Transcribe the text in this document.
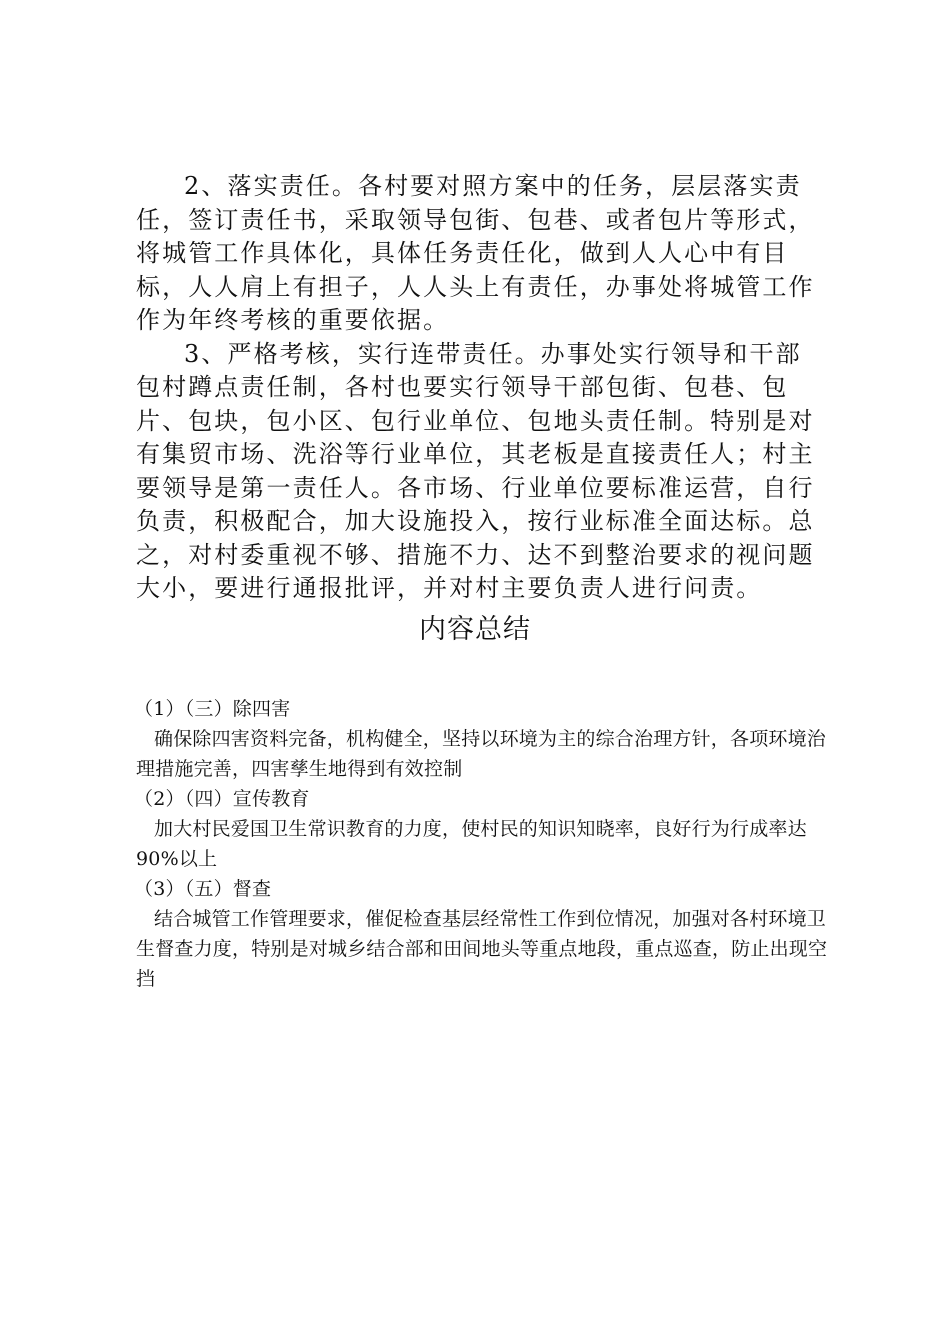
2、落实责任。各村要对照方案中的任务，层层落实责任，签订责任书，采取领导包街、包巷、或者包片等形式，将城管工作具体化，具体任务责任化，做到人人心中有目标，人人肩上有担子，人人头上有责任，办事处将城管工作作为年终考核的重要依据。

3、严格考核，实行连带责任。办事处实行领导和干部包村蹲点责任制，各村也要实行领导干部包街、包巷、包片、包块，包小区、包行业单位、包地头责任制。特别是对有集贸市场、洗浴等行业单位，其老板是直接责任人；村主要领导是第一责任人。各市场、行业单位要标准运营，自行负责，积极配合，加大设施投入，按行业标准全面达标。总之，对村委重视不够、措施不力、达不到整治要求的视问题大小，要进行通报批评，并对村主要负责人进行问责。

内容总结

（1）（三）除四害

确保除四害资料完备，机构健全，坚持以环境为主的综合治理方针，各项环境治理措施完善，四害孳生地得到有效控制

（2）（四）宣传教育

加大村民爱国卫生常识教育的力度，使村民的知识知晓率，良好行为行成率达 90%以上

（3）（五）督查

结合城管工作管理要求，催促检查基层经常性工作到位情况，加强对各村环境卫生督查力度，特别是对城乡结合部和田间地头等重点地段，重点巡查，防止出现空挡
